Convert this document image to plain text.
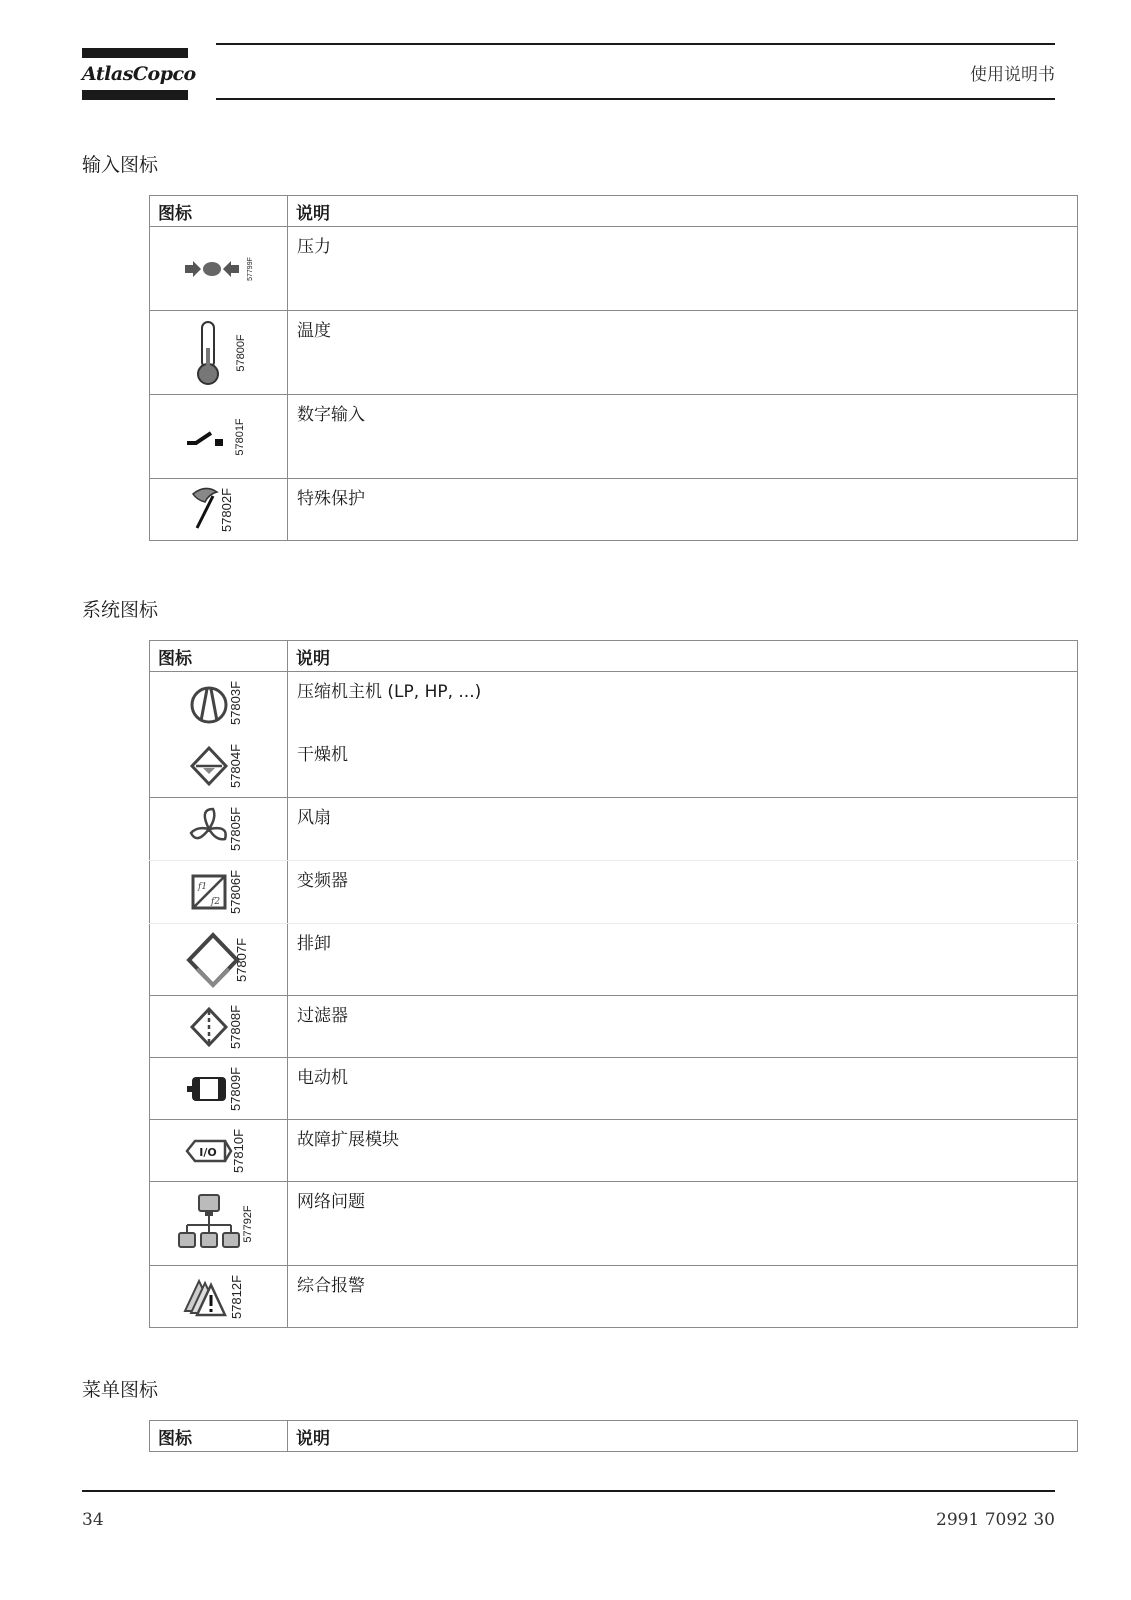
AtlasCopco	使用说明书
输入图标
图标	说明

57799F	压力

57800F	温度

57801F	数字输入

57802F	特殊保护
系统图标
图标	说明

57803F	压缩机主机 (LP, HP, ...)

57804F	干燥机

57805F	风扇

f1
f2 57806F	变频器

57807F	排卸

57808F	过滤器

57809F	电动机

I/O 57810F	故障扩展模块

57792F	网络问题

57812F	综合报警
菜单图标
图标	说明
34	2991 7092 30
